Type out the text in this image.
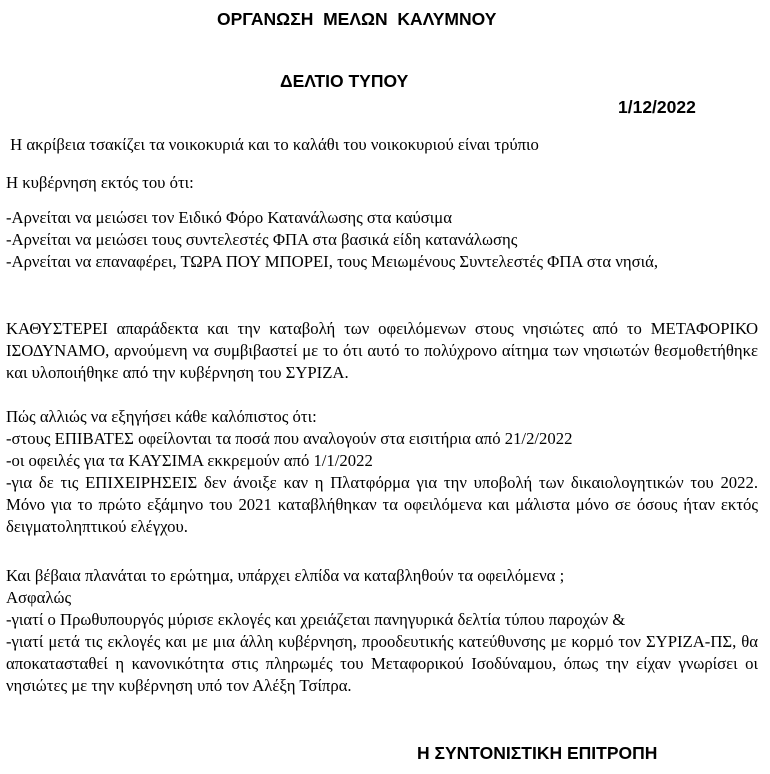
ΟΡΓΑΝΩΣΗ  ΜΕΛΩΝ  ΚΑΛΥΜΝΟΥ
ΔΕΛΤΙΟ ΤΥΠΟΥ
1/12/2022
Η ακρίβεια τσακίζει τα νοικοκυριά και το καλάθι του νοικοκυριού είναι τρύπιο
Η κυβέρνηση εκτός του ότι:
-Αρνείται να μειώσει τον Ειδικό Φόρο Κατανάλωσης στα καύσιμα
-Αρνείται να μειώσει τους συντελεστές ΦΠΑ στα βασικά είδη κατανάλωσης

-Αρνείται να επαναφέρει, ΤΩΡΑ ΠΟΥ ΜΠΟΡΕΙ, τους Μειωμένους Συντελεστές ΦΠΑ στα νησιά,

ΚΑΘΥΣΤΕΡΕΙ απαράδεκτα και την καταβολή των οφειλόμενων στους νησιώτες από το ΜΕΤΑΦΟΡΙΚΟ ΙΣΟΔΥΝΑΜΟ, αρνούμενη να συμβιβαστεί με το ότι αυτό το πολύχρονο αίτημα των νησιωτών θεσμοθετήθηκε και υλοποιήθηκε από την κυβέρνηση του ΣΥΡΙΖΑ.

Πώς αλλιώς να εξηγήσει κάθε καλόπιστος ότι:
-στους ΕΠΙΒΑΤΕΣ οφείλονται τα ποσά που αναλογούν στα εισιτήρια από 21/2/2022
-οι οφειλές για τα ΚΑΥΣΙΜΑ εκκρεμούν από 1/1/2022

-για δε τις ΕΠΙΧΕΙΡΗΣΕΙΣ δεν άνοιξε καν η Πλατφόρμα για την υποβολή των δικαιολογητικών του 2022. Μόνο για το πρώτο εξάμηνο του 2021 καταβλήθηκαν τα οφειλόμενα και μάλιστα μόνο σε όσους ήταν εκτός δειγματοληπτικού ελέγχου.

Και βέβαια πλανάται το ερώτημα, υπάρχει ελπίδα να καταβληθούν τα οφειλόμενα ;
Ασφαλώς
-γιατί ο Πρωθυπουργός μύρισε εκλογές και χρειάζεται πανηγυρικά δελτία τύπου παροχών &

-γιατί μετά τις εκλογές και με μια άλλη κυβέρνηση, προοδευτικής κατεύθυνσης με κορμό τον ΣΥΡΙΖΑ-ΠΣ, θα αποκατασταθεί η κανονικότητα στις πληρωμές του Μεταφορικού Ισοδύναμου, όπως την είχαν γνωρίσει οι νησιώτες με την κυβέρνηση υπό τον Αλέξη Τσίπρα.

Η ΣΥΝΤΟΝΙΣΤΙΚΗ ΕΠΙΤΡΟΠΗ
